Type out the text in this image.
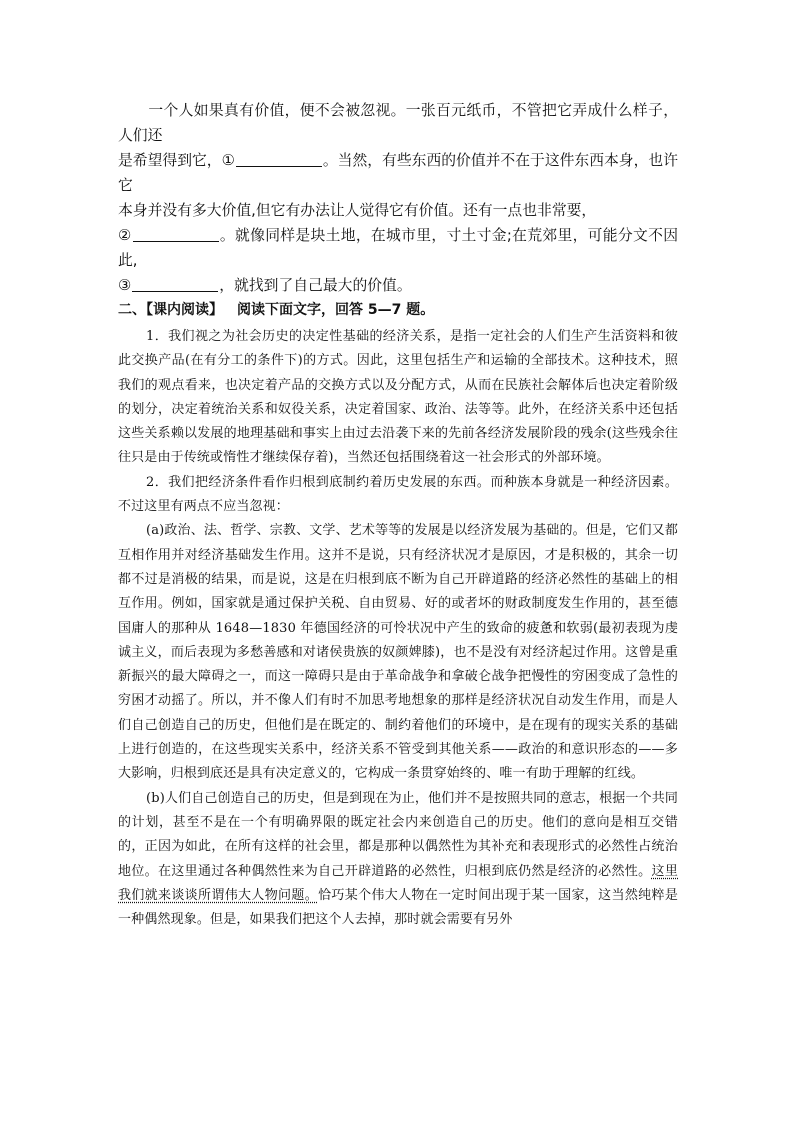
一个人如果真有价值，便不会被忽视。一张百元纸币，不管把它弄成什么样子，人们还

是希望得到它，①	。当然，有些东西的价值并不在于这件东西本身，也许它

本身并没有多大价值,但它有办法让人觉得它有价值。还有一点也非常要，

②	。就像同样是块土地，在城市里，寸土寸金;在荒郊里，可能分文不因此,

③	，就找到了自己最大的价值。

二、【课内阅读】 阅读下面文字，回答 5—7 题。

1．我们视之为社会历史的决定性基础的经济关系，是指一定社会的人们生产生活资料和彼此交换产品(在有分工的条件下)的方式。因此，这里包括生产和运输的全部技术。这种技术，照我们的观点看来，也决定着产品的交换方式以及分配方式，从而在民族社会解体后也决定着阶级的划分，决定着统治关系和奴役关系，决定着国家、政治、法等等。此外，在经济关系中还包括这些关系赖以发展的地理基础和事实上由过去沿袭下来的先前各经济发展阶段的残余(这些残余往往只是由于传统或惰性才继续保存着)，当然还包括围绕着这一社会形式的外部环境。

2．我们把经济条件看作归根到底制约着历史发展的东西。而种族本身就是一种经济因素。不过这里有两点不应当忽视：

(a)政治、法、哲学、宗教、文学、艺术等等的发展是以经济发展为基础的。但是，它们又都互相作用并对经济基础发生作用。这并不是说，只有经济状况才是原因，才是积极的，其余一切都不过是消极的结果，而是说，这是在归根到底不断为自己开辟道路的经济必然性的基础上的相互作用。例如，国家就是通过保护关税、自由贸易、好的或者坏的财政制度发生作用的，甚至德国庸人的那种从 1648—1830 年德国经济的可怜状况中产生的致命的疲惫和软弱(最初表现为虔诚主义，而后表现为多愁善感和对诸侯贵族的奴颜婢膝)，也不是没有对经济起过作用。这曾是重新振兴的最大障碍之一，而这一障碍只是由于革命战争和拿破仑战争把慢性的穷困变成了急性的穷困才动摇了。所以，并不像人们有时不加思考地想象的那样是经济状况自动发生作用，而是人们自己创造自己的历史，但他们是在既定的、制约着他们的环境中，是在现有的现实关系的基础上进行创造的，在这些现实关系中，经济关系不管受到其他关系——政治的和意识形态的——多大影响，归根到底还是具有决定意义的，它构成一条贯穿始终的、唯一有助于理解的红线。

(b)人们自己创造自己的历史，但是到现在为止，他们并不是按照共同的意志，根据一个共同的计划，甚至不是在一个有明确界限的既定社会内来创造自己的历史。他们的意向是相互交错的，正因为如此，在所有这样的社会里，都是那种以偶然性为其补充和表现形式的必然性占统治地位。在这里通过各种偶然性来为自己开辟道路的必然性，归根到底仍然是经济的必然性。这里我们就来谈谈所谓伟大人物问题。恰巧某个伟大人物在一定时间出现于某一国家，这当然纯粹是一种偶然现象。但是，如果我们把这个人去掉，那时就会需要有另外
